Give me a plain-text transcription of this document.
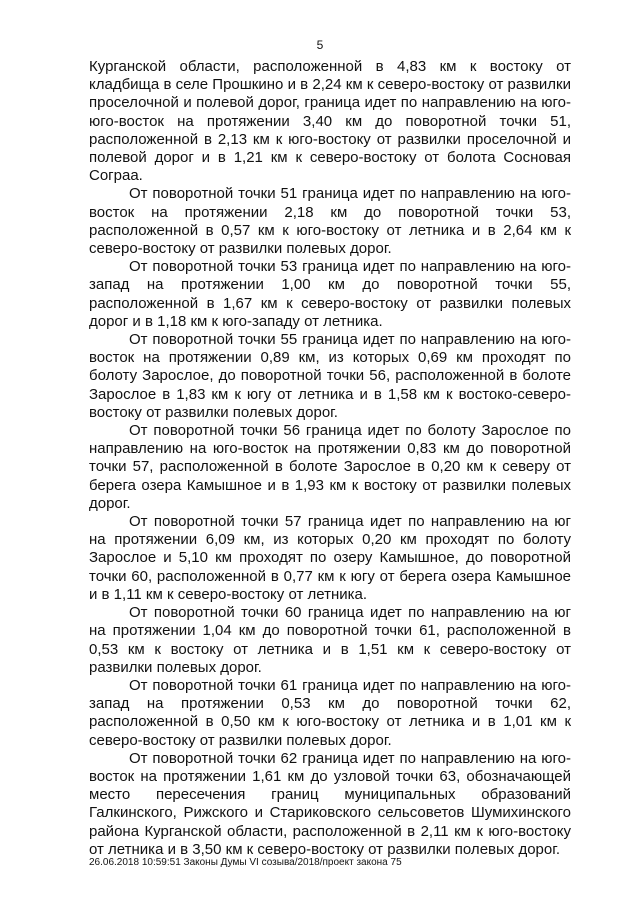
5

Курганской области, расположенной в 4,83 км к востоку от кладбища в селе Прошкино и в 2,24 км к северо-востоку от развилки проселочной и полевой дорог, граница идет по направлению на юго-юго-восток на протяжении 3,40 км до поворотной точки 51, расположенной в 2,13 км к юго-востоку от развилки проселочной и полевой дорог и в 1,21 км к северо-востоку от болота Сосновая Сограa.

От поворотной точки 51 граница идет по направлению на юго-восток на протяжении 2,18 км до поворотной точки 53, расположенной в 0,57 км к юго-востоку от летника и в 2,64 км к северо-востоку от развилки полевых дорог.

От поворотной точки 53 граница идет по направлению на юго-запад на протяжении 1,00 км до поворотной точки 55, расположенной в 1,67 км к северо-востоку от развилки полевых дорог и в 1,18 км к юго-западу от летника.

От поворотной точки 55 граница идет по направлению на юго-восток на протяжении 0,89 км, из которых 0,69 км проходят по болоту Зарослое, до поворотной точки 56, расположенной в болоте Зарослое в 1,83 км к югу от летника и в 1,58 км к востоко-северо-востоку от развилки полевых дорог.

От поворотной точки 56 граница идет по болоту Зарослое по направлению на юго-восток на протяжении 0,83 км до поворотной точки 57, расположенной в болоте Зарослое в 0,20 км к северу от берега озера Камышное и в 1,93 км к востоку от развилки полевых дорог.

От поворотной точки 57 граница идет по направлению на юг на протяжении 6,09 км, из которых 0,20 км проходят по болоту Зарослое и 5,10 км проходят по озеру Камышное, до поворотной точки 60, расположенной в 0,77 км к югу от берега озера Камышное и в 1,11 км к северо-востоку от летника.

От поворотной точки 60 граница идет по направлению на юг на протяжении 1,04 км до поворотной точки 61, расположенной в 0,53 км к востоку от летника и в 1,51 км к северо-востоку от развилки полевых дорог.

От поворотной точки 61 граница идет по направлению на юго-запад на протяжении 0,53 км до поворотной точки 62, расположенной в 0,50 км к юго-востоку от летника и в 1,01 км к северо-востоку от развилки полевых дорог.

От поворотной точки 62 граница идет по направлению на юго-восток на протяжении 1,61 км до узловой точки 63, обозначающей место пересечения границ муниципальных образований Галкинского, Рижского и Стариковского сельсоветов Шумихинского района Курганской области, расположенной в 2,11 км к юго-востоку от летника и в 3,50 км к северо-востоку от развилки полевых дорог.

26.06.2018 10:59:51 Законы Думы VI созыва/2018/проект закона 75
